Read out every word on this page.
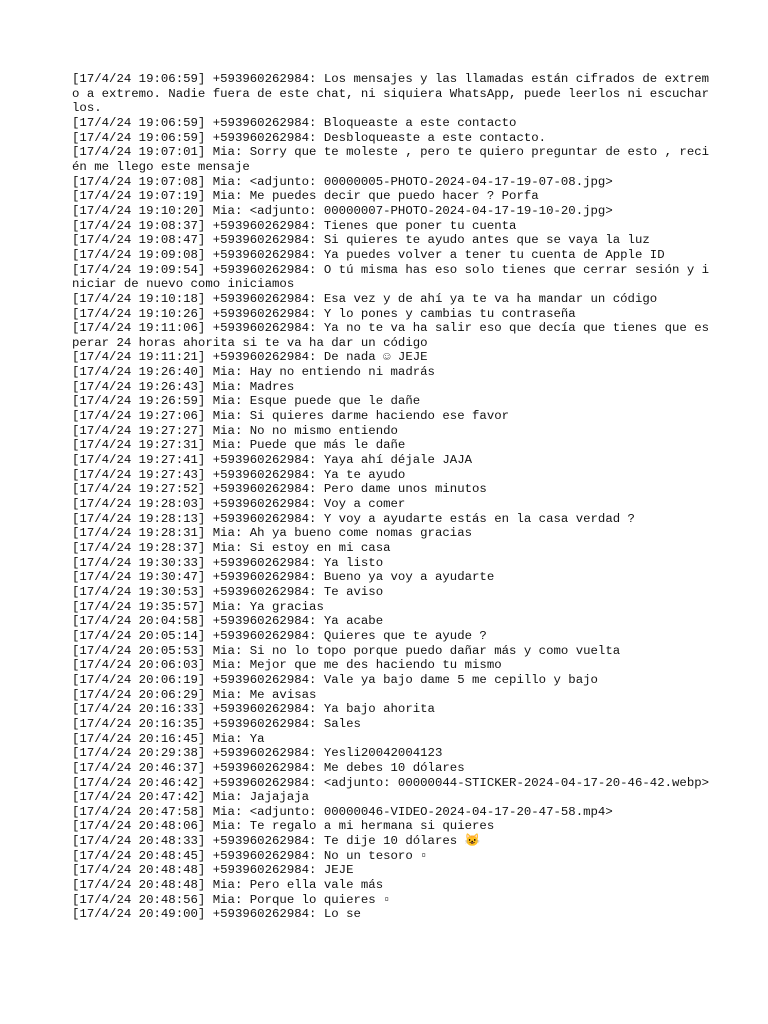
[17/4/24 19:06:59] +593960262984: Los mensajes y las llamadas están cifrados de extremo a extremo. Nadie fuera de este chat, ni siquiera WhatsApp, puede leerlos ni escucharlos.
[17/4/24 19:06:59] +593960262984: Bloqueaste a este contacto
[17/4/24 19:06:59] +593960262984: Desbloqueaste a este contacto.
[17/4/24 19:07:01] Mia: Sorry que te moleste , pero te quiero preguntar de esto , recién me llego este mensaje
[17/4/24 19:07:08] Mia: <adjunto: 00000005-PHOTO-2024-04-17-19-07-08.jpg>
[17/4/24 19:07:19] Mia: Me puedes decir que puedo hacer ? Porfa
[17/4/24 19:10:20] Mia: <adjunto: 00000007-PHOTO-2024-04-17-19-10-20.jpg>
[17/4/24 19:08:37] +593960262984: Tienes que poner tu cuenta
[17/4/24 19:08:47] +593960262984: Si quieres te ayudo antes que se vaya la luz
[17/4/24 19:09:08] +593960262984: Ya puedes volver a tener tu cuenta de Apple ID
[17/4/24 19:09:54] +593960262984: O tú misma has eso solo tienes que cerrar sesión y iniciar de nuevo como iniciamos
[17/4/24 19:10:18] +593960262984: Esa vez y de ahí ya te va ha mandar un código
[17/4/24 19:10:26] +593960262984: Y lo pones y cambias tu contraseña
[17/4/24 19:11:06] +593960262984: Ya no te va ha salir eso que decía que tienes que esperar 24 horas ahorita si te va ha dar un código
[17/4/24 19:11:21] +593960262984: De nada ☺ JEJE
[17/4/24 19:26:40] Mia: Hay no entiendo ni madrás
[17/4/24 19:26:43] Mia: Madres
[17/4/24 19:26:59] Mia: Esque puede que le dañe
[17/4/24 19:27:06] Mia: Si quieres darme haciendo ese favor
[17/4/24 19:27:27] Mia: No no mismo entiendo
[17/4/24 19:27:31] Mia: Puede que más le dañe
[17/4/24 19:27:41] +593960262984: Yaya ahí déjale JAJA
[17/4/24 19:27:43] +593960262984: Ya te ayudo
[17/4/24 19:27:52] +593960262984: Pero dame unos minutos
[17/4/24 19:28:03] +593960262984: Voy a comer
[17/4/24 19:28:13] +593960262984: Y voy a ayudarte estás en la casa verdad ?
[17/4/24 19:28:31] Mia: Ah ya bueno come nomas gracias
[17/4/24 19:28:37] Mia: Si estoy en mi casa
[17/4/24 19:30:33] +593960262984: Ya listo
[17/4/24 19:30:47] +593960262984: Bueno ya voy a ayudarte
[17/4/24 19:30:53] +593960262984: Te aviso
[17/4/24 19:35:57] Mia: Ya gracias
[17/4/24 20:04:58] +593960262984: Ya acabe
[17/4/24 20:05:14] +593960262984: Quieres que te ayude ?
[17/4/24 20:05:53] Mia: Si no lo topo porque puedo dañar más y como vuelta
[17/4/24 20:06:03] Mia: Mejor que me des haciendo tu mismo
[17/4/24 20:06:19] +593960262984: Vale ya bajo dame 5 me cepillo y bajo
[17/4/24 20:06:29] Mia: Me avisas
[17/4/24 20:16:33] +593960262984: Ya bajo ahorita
[17/4/24 20:16:35] +593960262984: Sales
[17/4/24 20:16:45] Mia: Ya
[17/4/24 20:29:38] +593960262984: Yesli20042004123
[17/4/24 20:46:37] +593960262984: Me debes 10 dólares
[17/4/24 20:46:42] +593960262984: <adjunto: 00000044-STICKER-2024-04-17-20-46-42.webp>
[17/4/24 20:47:42] Mia: Jajajaja
[17/4/24 20:47:58] Mia: <adjunto: 00000046-VIDEO-2024-04-17-20-47-58.mp4>
[17/4/24 20:48:06] Mia: Te regalo a mi hermana si quieres
[17/4/24 20:48:33] +593960262984: Te dije 10 dólares 😺
[17/4/24 20:48:45] +593960262984: No un tesoro ▫
[17/4/24 20:48:48] +593960262984: JEJE
[17/4/24 20:48:48] Mia: Pero ella vale más
[17/4/24 20:48:56] Mia: Porque lo quieres ▫
[17/4/24 20:49:00] +593960262984: Lo se
